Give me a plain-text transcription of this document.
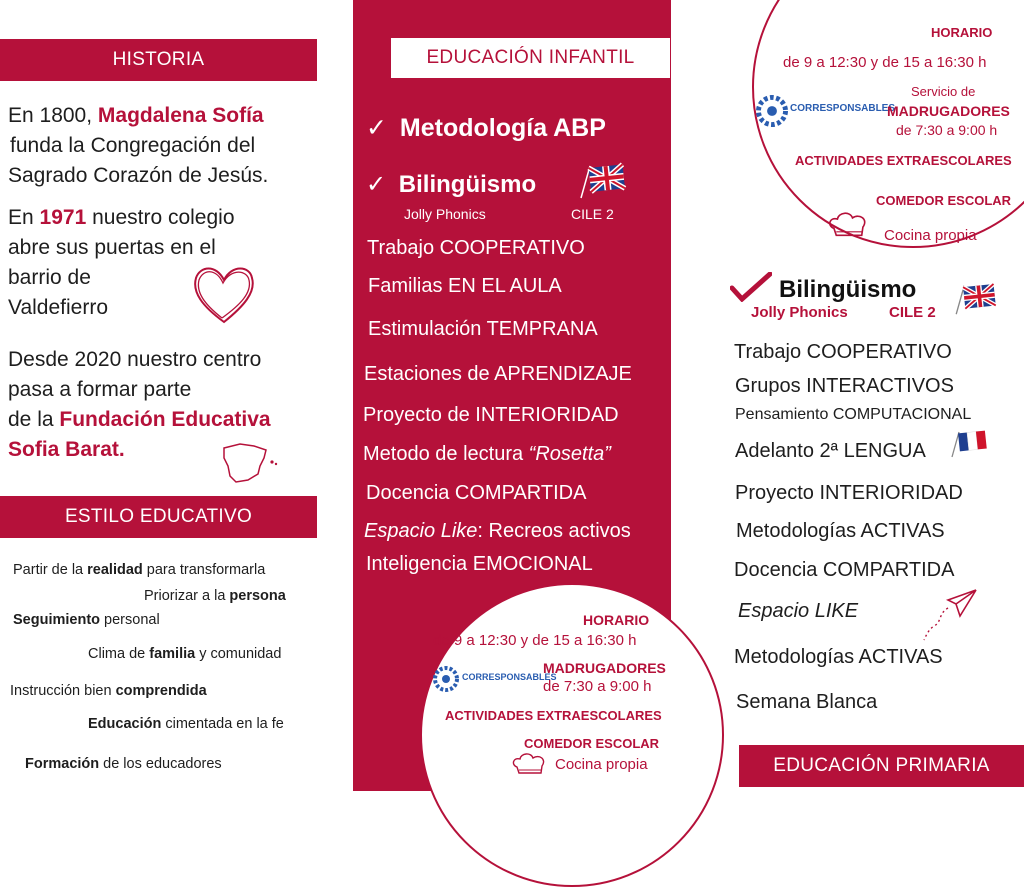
HISTORIA
En 1800, Magdalena Sofía
funda la Congregación del
Sagrado Corazón de Jesús.
En 1971 nuestro colegio
abre sus puertas en el
barrio de
Valdefierro
Desde 2020 nuestro centro
pasa a formar parte
de la Fundación Educativa
Sofia Barat.
ESTILO EDUCATIVO
Partir de la realidad para transformarla
Priorizar a la persona
Seguimiento personal
Clima de familia y comunidad
Instrucción bien comprendida
Educación cimentada en la fe
Formación de los educadores
EDUCACIÓN INFANTIL
✓ Metodología ABP
✓ Bilingüismo
Jolly Phonics	CILE 2
Trabajo COOPERATIVO
Familias EN EL AULA
Estimulación TEMPRANA
Estaciones de APRENDIZAJE
Proyecto de INTERIORIDAD
Metodo de lectura “Rosetta”
Docencia COMPARTIDA
Espacio Like: Recreos activos
Inteligencia EMOCIONAL
HORARIO
de 9 a 12:30 y de 15 a 16:30 h
CORRESPONSABLES
MADRUGADORES
de 7:30 a 9:00 h
ACTIVIDADES EXTRAESCOLARES
COMEDOR ESCOLAR
Cocina propia
HORARIO
de 9 a 12:30 y de 15 a 16:30 h
Servicio de
CORRESPONSABLES
MADRUGADORES
de 7:30 a 9:00 h
ACTIVIDADES EXTRAESCOLARES
COMEDOR ESCOLAR
Cocina propia
Bilingüismo
Jolly Phonics	CILE 2
Trabajo COOPERATIVO
Grupos INTERACTIVOS
Pensamiento COMPUTACIONAL
Adelanto 2ª LENGUA
Proyecto INTERIORIDAD
Metodologías ACTIVAS
Docencia COMPARTIDA
Espacio LIKE
Metodologías ACTIVAS
Semana Blanca
EDUCACIÓN PRIMARIA
